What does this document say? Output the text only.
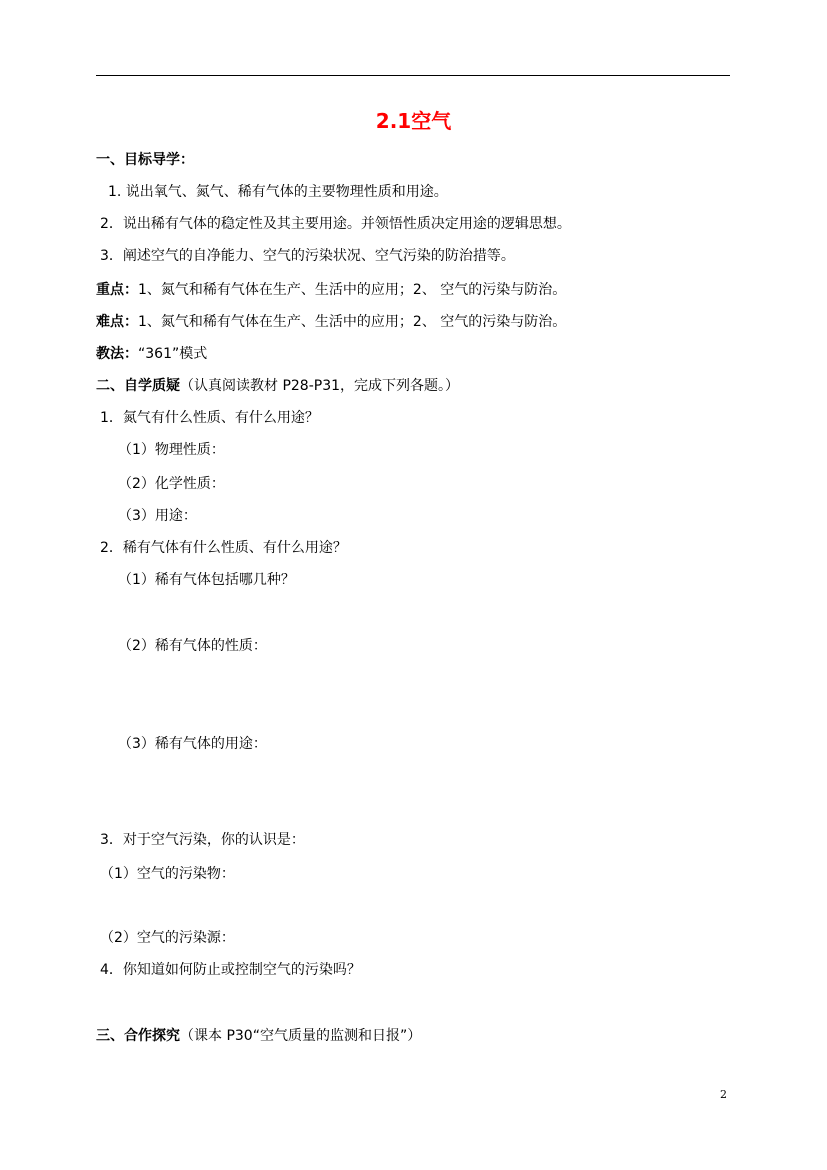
2.1空气
一、目标导学：
1. 说出氧气、氮气、稀有气体的主要物理性质和用途。
2．说出稀有气体的稳定性及其主要用途。并领悟性质决定用途的逻辑思想。
3．阐述空气的自净能力、空气的污染状况、空气污染的防治措等。
重点：1、氮气和稀有气体在生产、生活中的应用；2、 空气的污染与防治。
难点：1、氮气和稀有气体在生产、生活中的应用；2、 空气的污染与防治。
教法：“361”模式
二、自学质疑（认真阅读教材 P28-P31，完成下列各题。）
1．氮气有什么性质、有什么用途？
（1）物理性质：
（2）化学性质：
（3）用途：
2．稀有气体有什么性质、有什么用途？
（1）稀有气体包括哪几种？
（2）稀有气体的性质：
（3）稀有气体的用途：
3．对于空气污染，你的认识是：
（1）空气的污染物：
（2）空气的污染源：
4．你知道如何防止或控制空气的污染吗？
三、合作探究（课本 P30“空气质量的监测和日报”）
2
